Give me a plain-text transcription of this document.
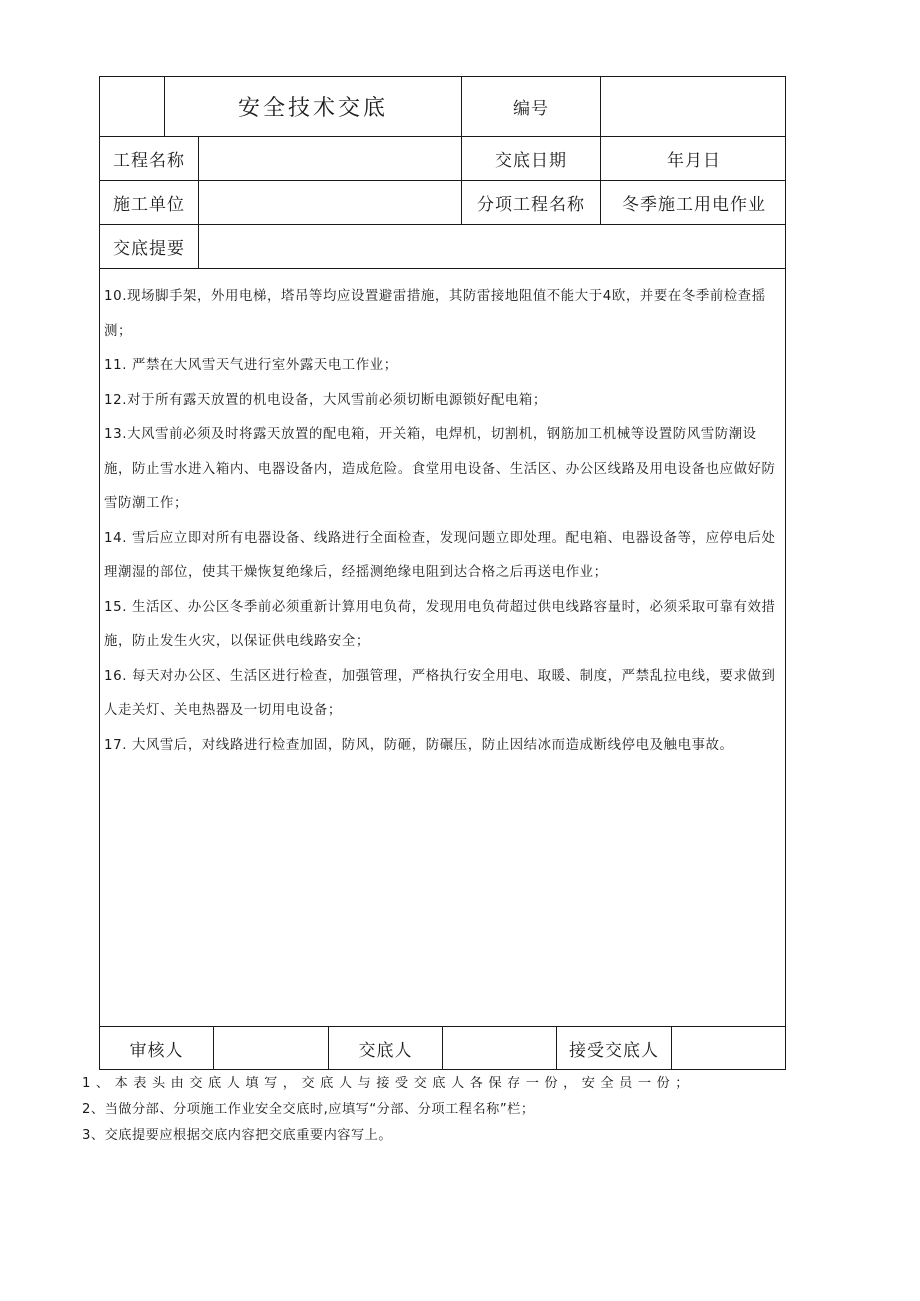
安全技术交底	编号
工程名称	交底日期	年月日
施工单位	分项工程名称	冬季施工用电作业
交底提要

10.现场脚手架，外用电梯，塔吊等均应设置避雷措施，其防雷接地阻值不能大于4欧，并要在冬季前检查摇测；

11. 严禁在大风雪天气进行室外露天电工作业；

12.对于所有露天放置的机电设备，大风雪前必须切断电源锁好配电箱；

13.大风雪前必须及时将露天放置的配电箱，开关箱，电焊机，切割机，钢筋加工机械等设置防风雪防潮设施，防止雪水进入箱内、电器设备内，造成危险。食堂用电设备、生活区、办公区线路及用电设备也应做好防雪防潮工作；

14. 雪后应立即对所有电器设备、线路进行全面检查，发现问题立即处理。配电箱、电器设备等，应停电后处理潮湿的部位，使其干燥恢复绝缘后，经摇测绝缘电阻到达合格之后再送电作业；

15. 生活区、办公区冬季前必须重新计算用电负荷，发现用电负荷超过供电线路容量时，必须采取可靠有效措施，防止发生火灾，以保证供电线路安全；

16. 每天对办公区、生活区进行检查，加强管理，严格执行安全用电、取暖、制度，严禁乱拉电线，要求做到人走关灯、关电热器及一切用电设备；

17. 大风雪后，对线路进行检查加固，防风，防砸，防碾压，防止因结冰而造成断线停电及触电事故。

审核人	交底人	接受交底人

1、本表头由交底人填写，交底人与接受交底人各保存一份，安全员一份；

2、当做分部、分项施工作业安全交底时,应填写“分部、分项工程名称”栏；

3、交底提要应根据交底内容把交底重要内容写上。
